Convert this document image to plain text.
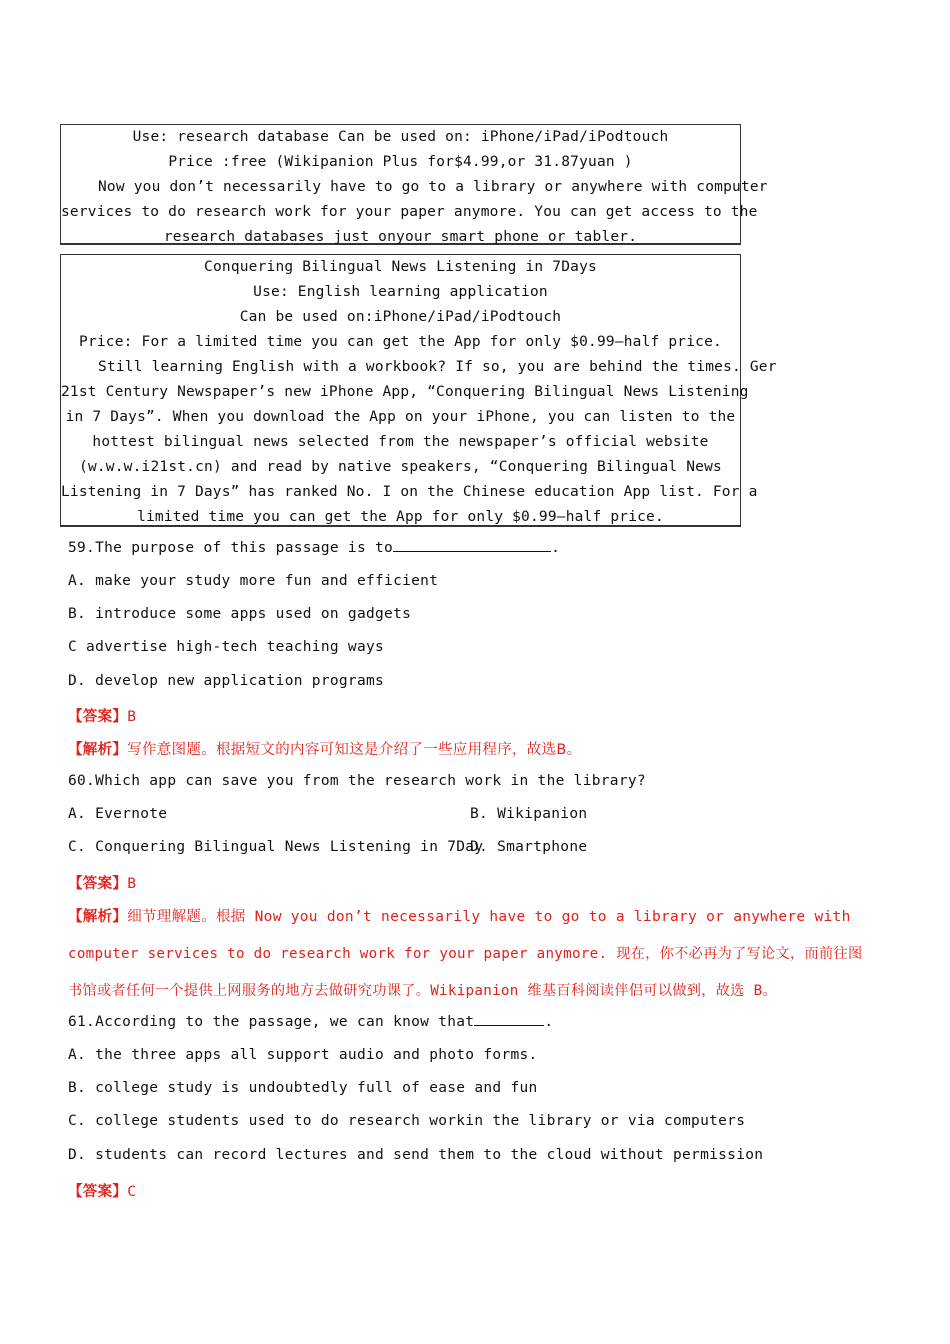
Use: research database Can be used on: iPhone/iPad/iPodtouch
Price :free (Wikipanion Plus for$4.99,or 31.87yuan )
Now you don’t necessarily have to go to a library or anywhere with computer
services to do research work for your paper anymore. You can get access to the
research databases just onyour smart phone or tabler.
Conquering Bilingual News Listening in 7Days
Use: English learning application
Can be used on:iPhone/iPad/iPodtouch
Price: For a limited time you can get the App for only $0.99—half price.
Still learning English with a workbook? If so, you are behind the times. Ger
21st Century Newspaper’s new iPhone App, “Conquering Bilingual News Listening
in 7 Days”. When you download the App on your iPhone, you can listen to the
hottest bilingual news selected from the newspaper’s official website
(w.w.w.i21st.cn) and read by native speakers, “Conquering Bilingual News
Listening in 7 Days” has ranked No. I on the Chinese education App list. For a
limited time you can get the App for only $0.99—half price.
59.The purpose of this passage is to	.
A. make your study more fun and efficient
B. introduce some apps used on gadgets
C advertise high-tech teaching ways
D. develop new application programs
【答案】B
【解析】写作意图题。根据短文的内容可知这是介绍了一些应用程序，故选B。
60.Which app can save you from the research work in the library?
A. Evernote	B. Wikipanion
C. Conquering Bilingual News Listening in 7Day
D. Smartphone
【答案】B
【解析】细节理解题。根据 Now you don’t necessarily have to go to a library or anywhere with
computer services to do research work for your paper anymore. 现在，你不必再为了写论文，而前往图
书馆或者任何一个提供上网服务的地方去做研究功课了。Wikipanion 维基百科阅读伴侣可以做到，故选 B。
61.According to the passage, we can know that	.
A. the three apps all support audio and photo forms.
B. college study is undoubtedly full of ease and fun
C. college students used to do research workin the library or via computers
D. students can record lectures and send them to the cloud without permission
【答案】C
